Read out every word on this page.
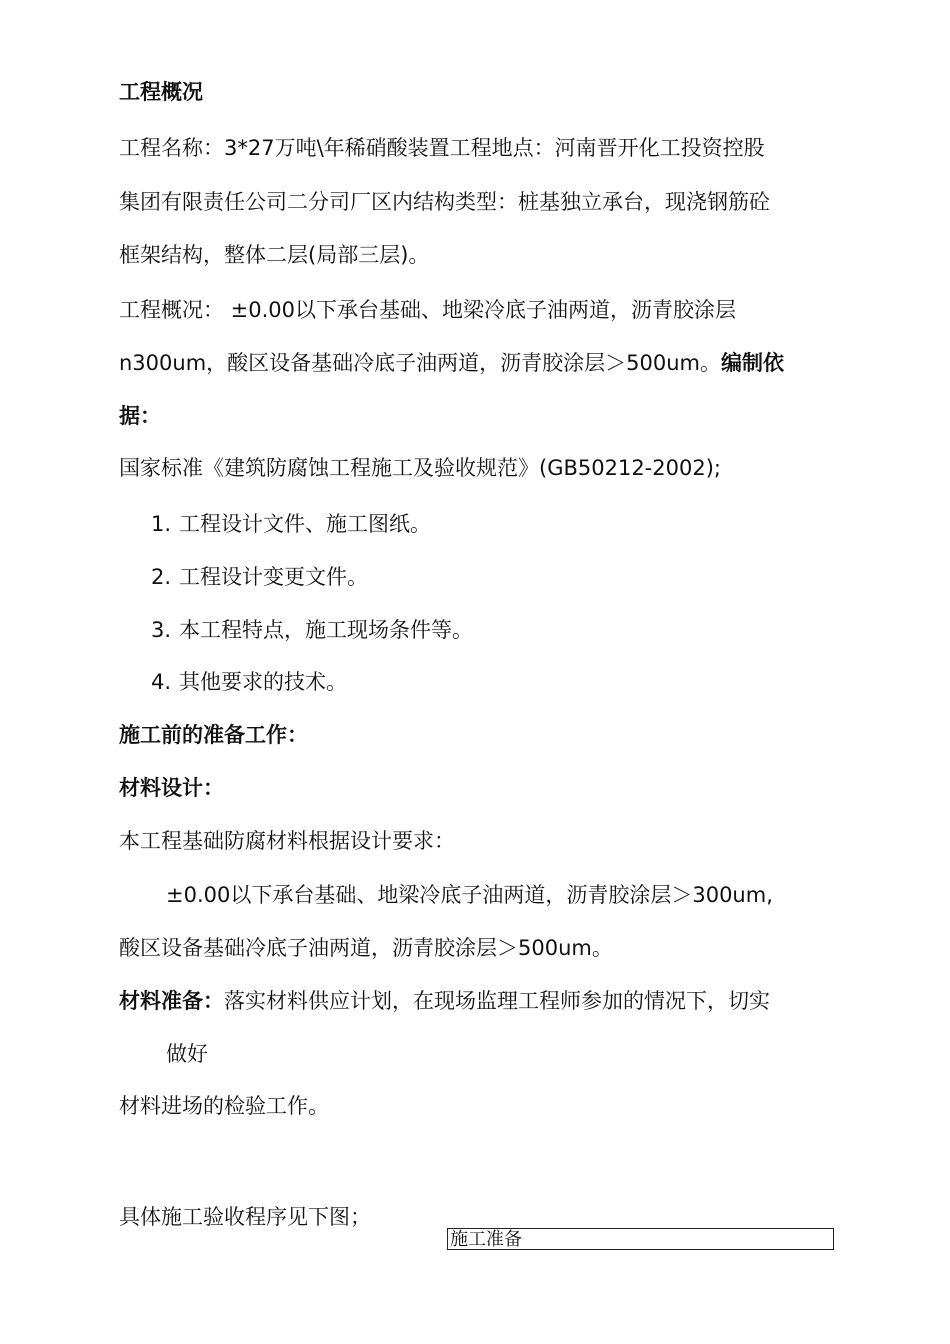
工程概况
工程名称：3*27万吨\年稀硝酸装置工程地点：河南晋开化工投资控股
集团有限责任公司二分司厂区内结构类型：桩基独立承台，现浇钢筋砼
框架结构，整体二层(局部三层)。
工程概况： ±0.00以下承台基础、地梁冷底子油两道，沥青胶涂层
n300um，酸区设备基础冷底子油两道，沥青胶涂层＞500um。编制依
据：
国家标准《建筑防腐蚀工程施工及验收规范》(GB50212-2002);
1. 工程设计文件、施工图纸。
2. 工程设计变更文件。
3. 本工程特点，施工现场条件等。
4. 其他要求的技术。
施工前的准备工作：
材料设计：
本工程基础防腐材料根据设计要求：
±0.00以下承台基础、地梁冷底子油两道，沥青胶涂层＞300um,
酸区设备基础冷底子油两道，沥青胶涂层＞500um。
材料准备：落实材料供应计划，在现场监理工程师参加的情况下，切实
做好
材料进场的检验工作。
具体施工验收程序见下图；
施工准备
